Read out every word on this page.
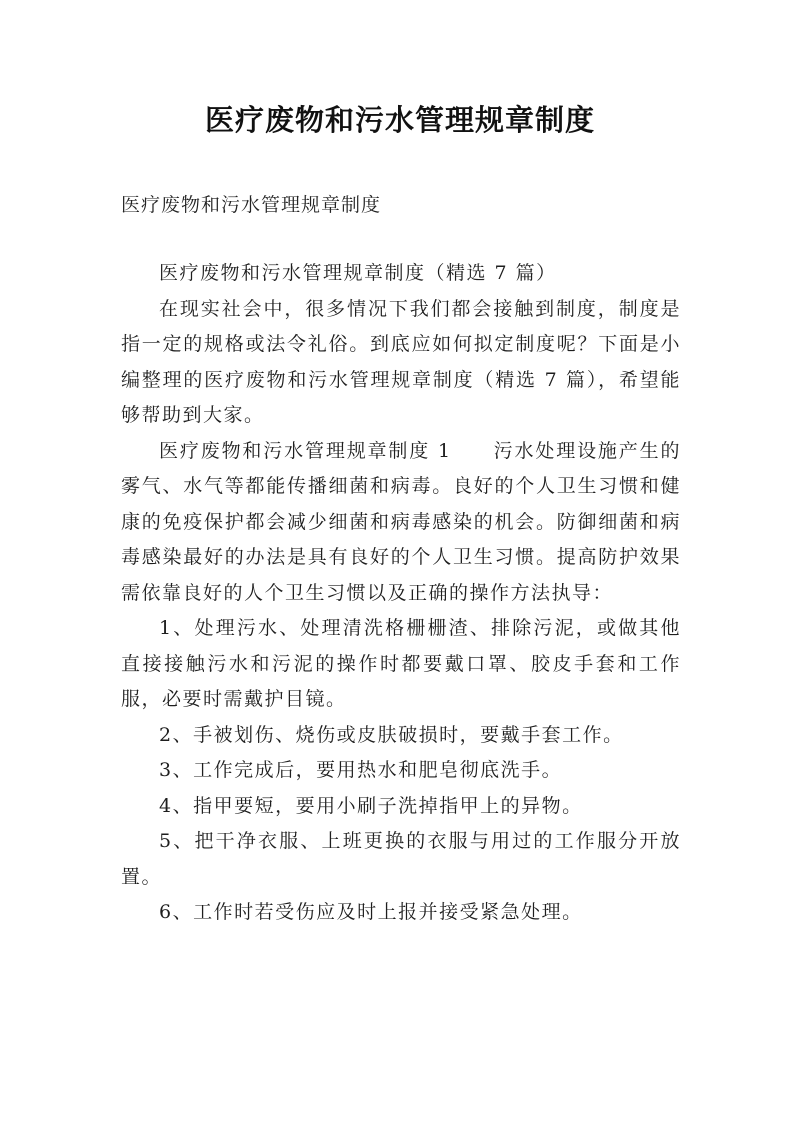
医疗废物和污水管理规章制度
医疗废物和污水管理规章制度

医疗废物和污水管理规章制度（精选 7 篇）

在现实社会中，很多情况下我们都会接触到制度，制度是指一定的规格或法令礼俗。到底应如何拟定制度呢？下面是小编整理的医疗废物和污水管理规章制度（精选 7 篇），希望能够帮助到大家。

医疗废物和污水管理规章制度 1　　污水处理设施产生的雾气、水气等都能传播细菌和病毒。良好的个人卫生习惯和健康的免疫保护都会减少细菌和病毒感染的机会。防御细菌和病毒感染最好的办法是具有良好的个人卫生习惯。提高防护效果需依靠良好的人个卫生习惯以及正确的操作方法执导：

1、处理污水、处理清洗格栅栅渣、排除污泥，或做其他直接接触污水和污泥的操作时都要戴口罩、胶皮手套和工作服，必要时需戴护目镜。

2、手被划伤、烧伤或皮肤破损时，要戴手套工作。

3、工作完成后，要用热水和肥皂彻底洗手。

4、指甲要短，要用小刷子洗掉指甲上的异物。

5、把干净衣服、上班更换的衣服与用过的工作服分开放置。

6、工作时若受伤应及时上报并接受紧急处理。
